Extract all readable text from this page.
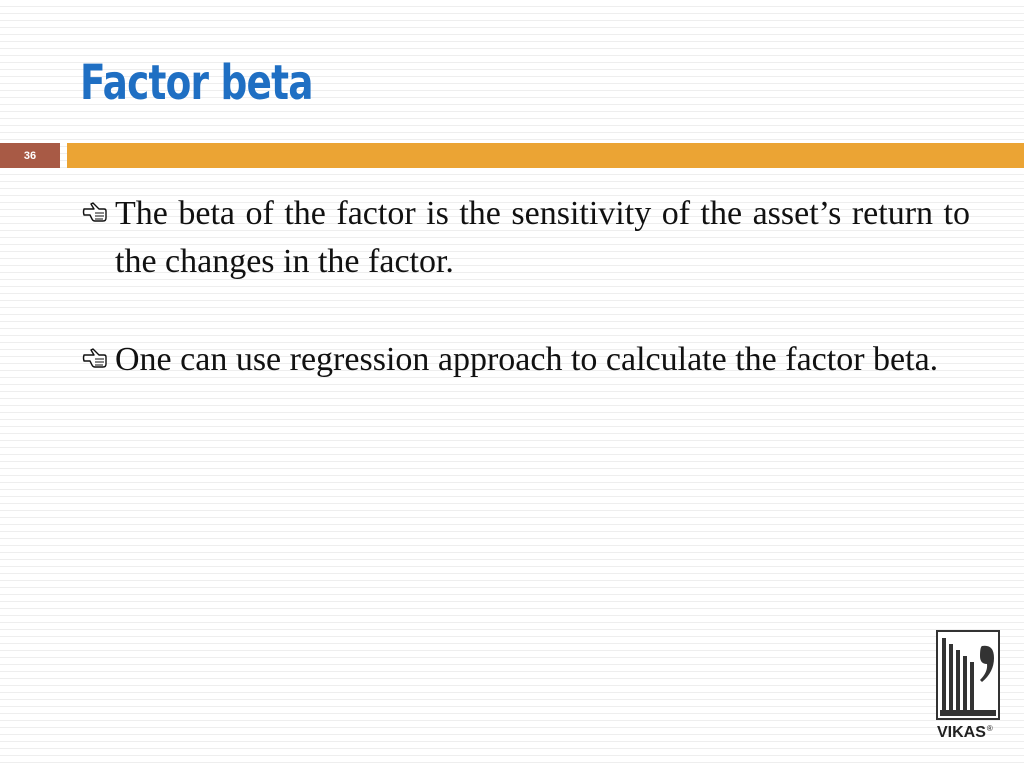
Factor beta
36
The beta of the factor is the sensitivity of the asset’s return to the changes in the factor.
One can use regression approach to calculate the factor beta.
VIKAS®
